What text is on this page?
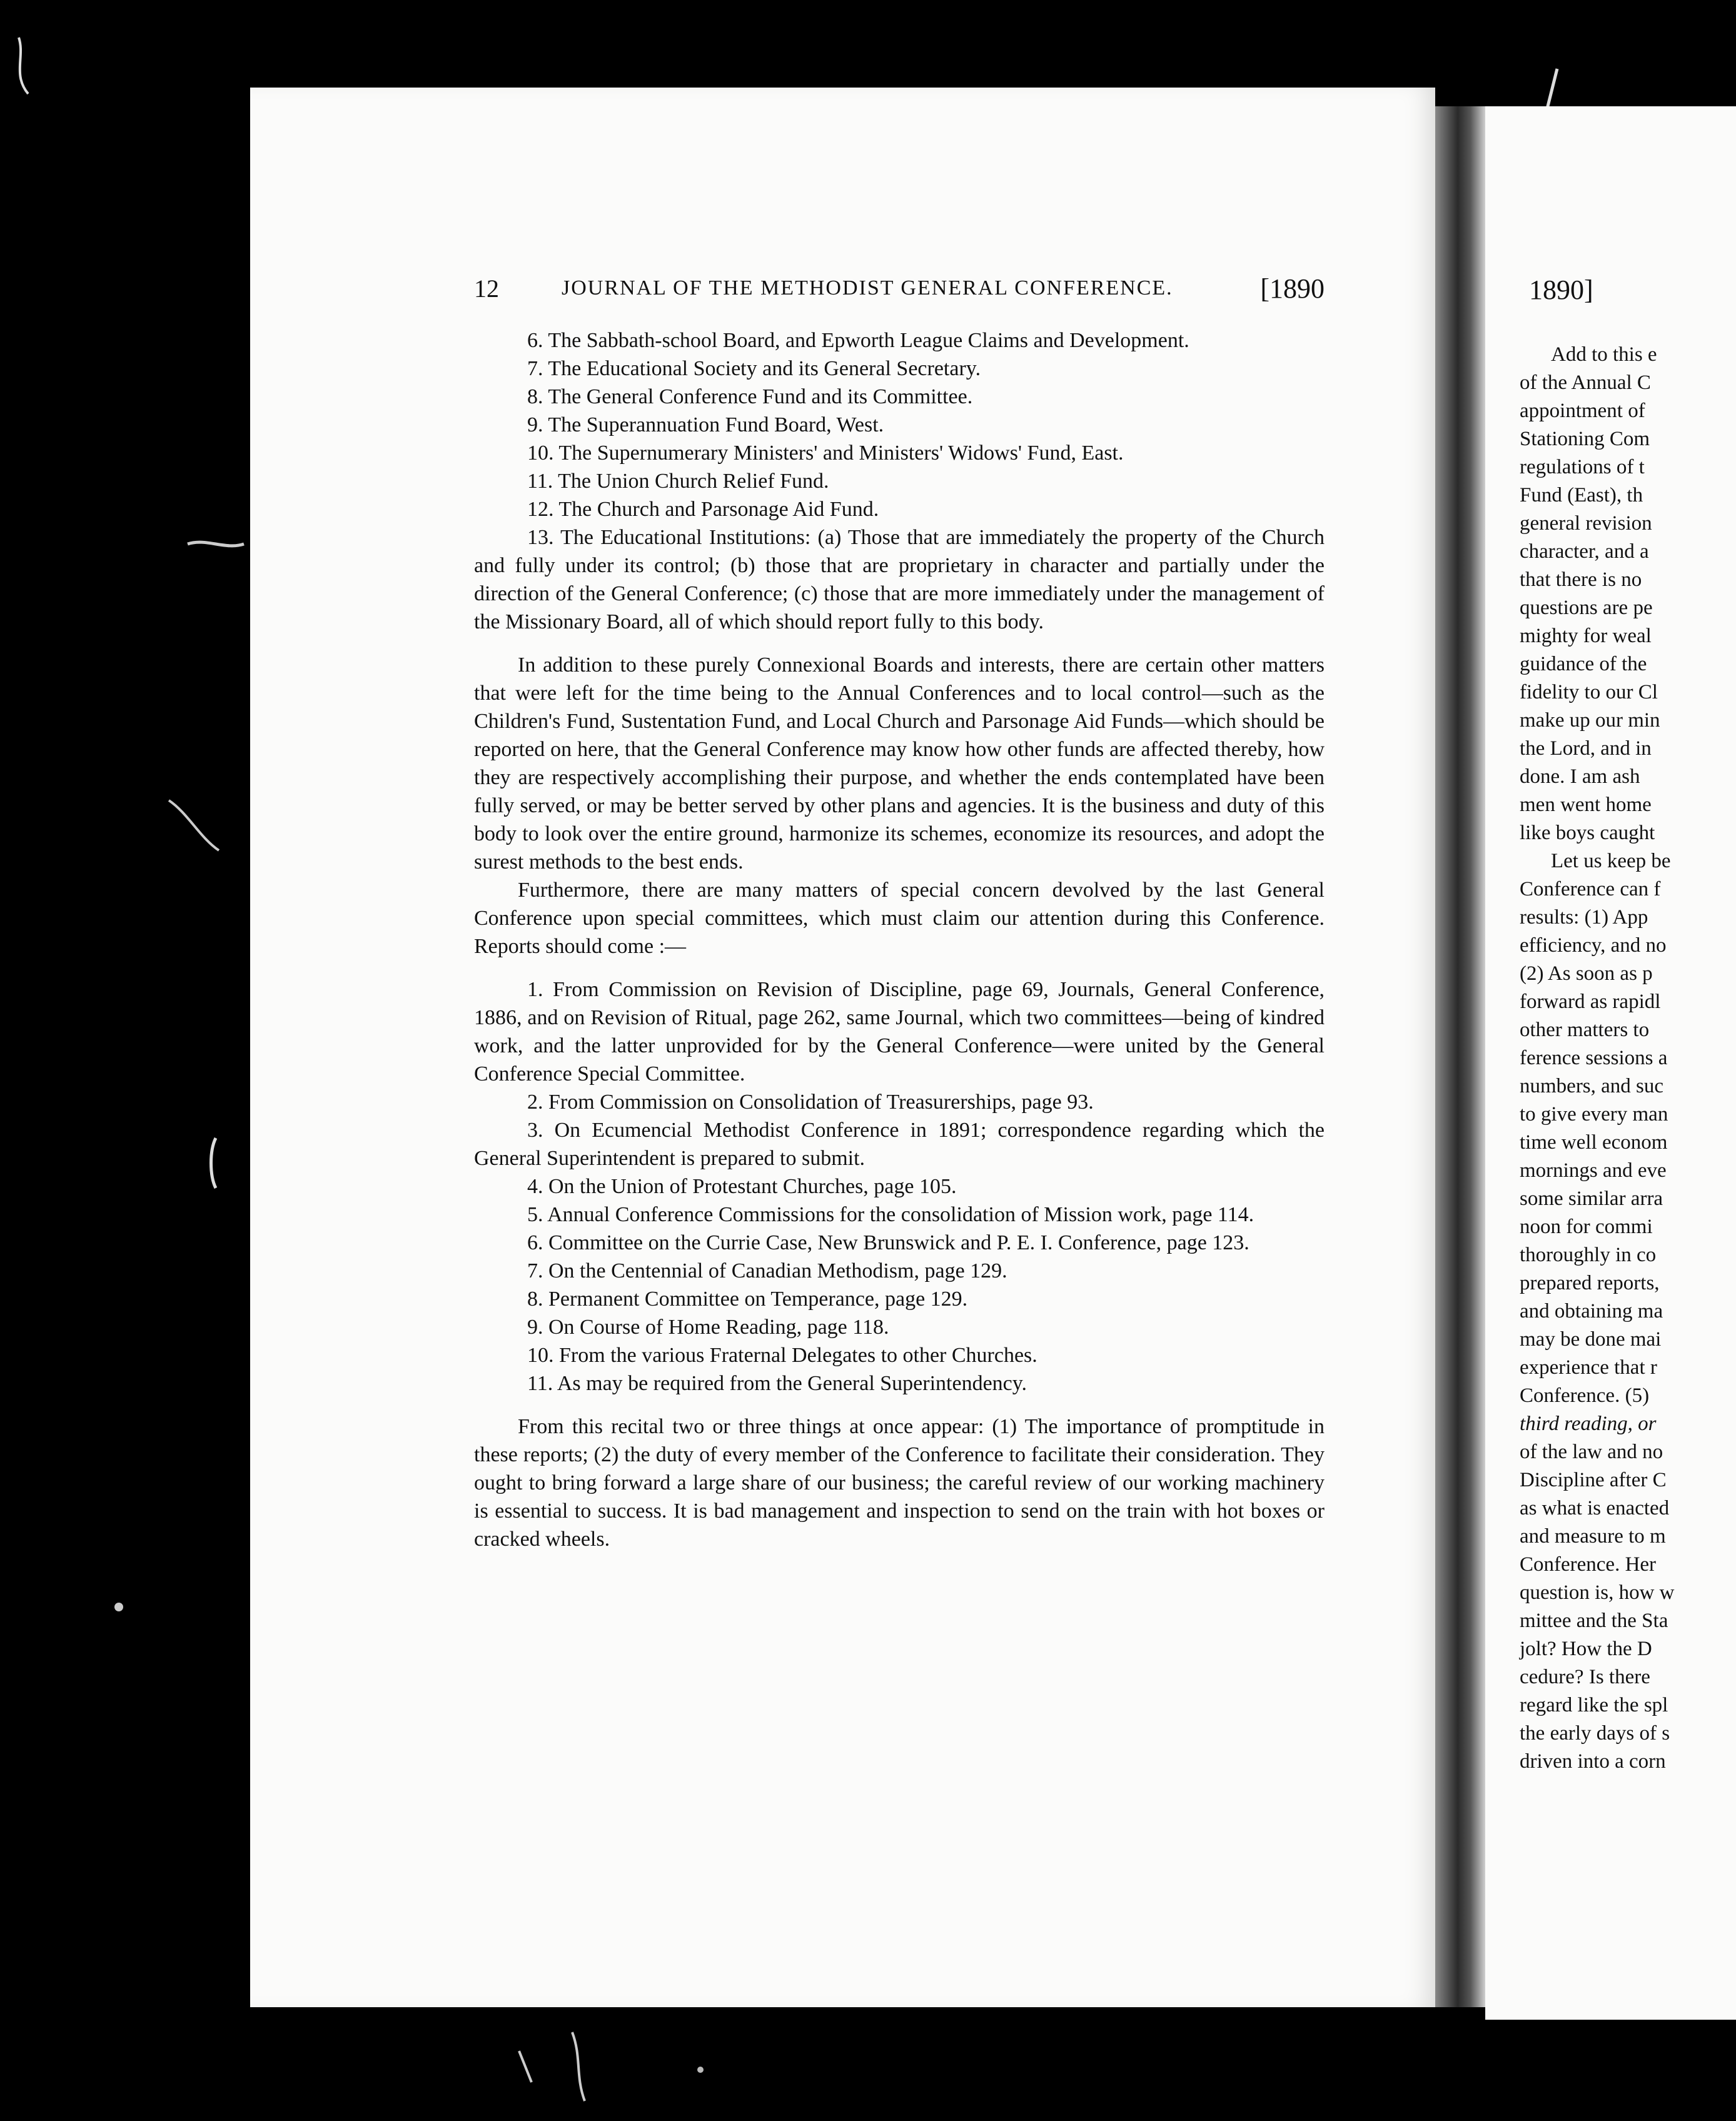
1890]
Add to this e
of the Annual C
appointment of
Stationing Com
regulations of t
Fund (East), th
general revision
character, and a
that there is no
questions are pe
mighty for weal
guidance of the
fidelity to our Cl
make up our min
the Lord, and in
done. I am ash
men went home
like boys caught
Let us keep be
Conference can f
results: (1) App
efficiency, and no
(2) As soon as p
forward as rapidl
other matters to
ference sessions a
numbers, and suc
to give every man
time well econom
mornings and eve
some similar arra
noon for commi
thoroughly in co
prepared reports,
and obtaining ma
may be done mai
experience that r
Conference. (5)
third reading, or
of the law and no
Discipline after C
as what is enacted
and measure to m
Conference. Her
question is, how w
mittee and the Sta
jolt? How the D
cedure? Is there
regard like the spl
the early days of s
driven into a corn
12	JOURNAL OF THE METHODIST GENERAL CONFERENCE.	[1890

6. The Sabbath-school Board, and Epworth League Claims and Development.

7. The Educational Society and its General Secretary.

8. The General Conference Fund and its Committee.

9. The Superannuation Fund Board, West.

10. The Supernumerary Ministers' and Ministers' Widows' Fund, East.

11. The Union Church Relief Fund.

12. The Church and Parsonage Aid Fund.

13. The Educational Institutions: (a) Those that are immediately the property of the Church and fully under its control; (b) those that are proprietary in character and partially under the direction of the General Conference; (c) those that are more immediately under the management of the Missionary Board, all of which should report fully to this body.

In addition to these purely Connexional Boards and interests, there are certain other matters that were left for the time being to the Annual Conferences and to local control—such as the Children's Fund, Sustentation Fund, and Local Church and Parsonage Aid Funds—which should be reported on here, that the General Conference may know how other funds are affected thereby, how they are respectively accomplishing their purpose, and whether the ends contemplated have been fully served, or may be better served by other plans and agencies. It is the business and duty of this body to look over the entire ground, harmonize its schemes, economize its resources, and adopt the surest methods to the best ends.

Furthermore, there are many matters of special concern devolved by the last General Conference upon special committees, which must claim our attention during this Conference. Reports should come :—

1. From Commission on Revision of Discipline, page 69, Journals, General Conference, 1886, and on Revision of Ritual, page 262, same Journal, which two committees—being of kindred work, and the latter unprovided for by the General Conference—were united by the General Conference Special Committee.

2. From Commission on Consolidation of Treasurerships, page 93.

3. On Ecumencial Methodist Conference in 1891; correspondence regarding which the General Superintendent is prepared to submit.

4. On the Union of Protestant Churches, page 105.

5. Annual Conference Commissions for the consolidation of Mission work, page 114.

6. Committee on the Currie Case, New Brunswick and P. E. I. Conference, page 123.

7. On the Centennial of Canadian Methodism, page 129.

8. Permanent Committee on Temperance, page 129.

9. On Course of Home Reading, page 118.

10. From the various Fraternal Delegates to other Churches.

11. As may be required from the General Superintendency.

From this recital two or three things at once appear: (1) The importance of promptitude in these reports; (2) the duty of every member of the Conference to facilitate their consideration. They ought to bring forward a large share of our business; the careful review of our working machinery is essential to success. It is bad management and inspection to send on the train with hot boxes or cracked wheels.
